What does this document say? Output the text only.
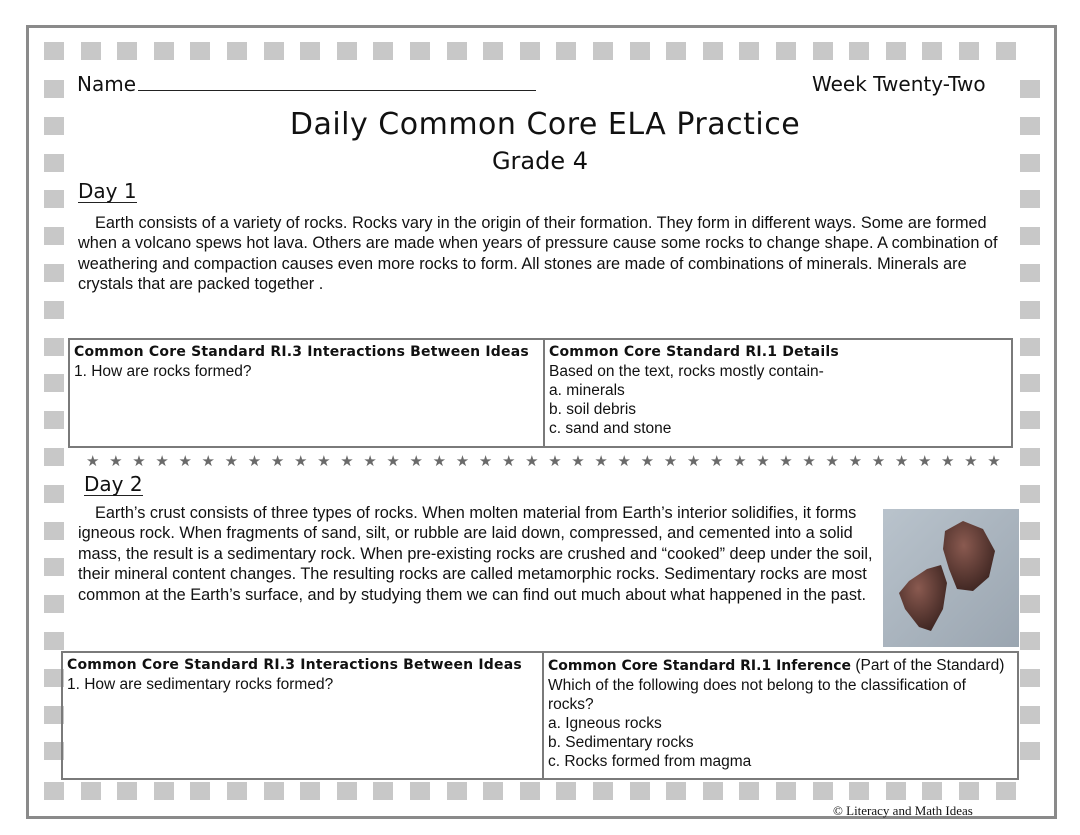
Name	Week Twenty-Two
Daily Common Core ELA Practice
Grade 4
Day 1
Earth consists of a variety of rocks. Rocks vary in the origin of their formation. They form in different ways. Some are formed when a volcano spews hot lava. Others are made when years of pressure cause some rocks to change shape. A combination of weathering and compaction causes even more rocks to form. All stones are made of combinations of minerals. Minerals are crystals that are packed together .
Common Core Standard RI.3 Interactions Between Ideas
1. How are rocks formed?
Common Core Standard RI.1 Details
Based on the text, rocks mostly contain-
a. minerals
b. soil debris
c. sand and stone
★ ★ ★ ★ ★ ★ ★ ★ ★ ★ ★ ★ ★ ★ ★ ★ ★ ★ ★ ★ ★ ★ ★ ★ ★ ★ ★ ★ ★ ★ ★ ★ ★ ★ ★ ★ ★ ★ ★ ★
Day 2
Earth’s crust consists of three types of rocks. When molten material from Earth’s interior solidifies, it forms igneous rock. When fragments of sand, silt, or rubble are laid down, compressed, and cemented into a solid mass, the result is a sedimentary rock. When pre-existing rocks are crushed and “cooked” deep under the soil, their mineral content changes. The resulting rocks are called metamorphic rocks. Sedimentary rocks are most common at the Earth’s surface, and by studying them we can find out much about what happened in the past.
Common Core Standard RI.3 Interactions Between Ideas
1. How are sedimentary rocks formed?
Common Core Standard RI.1 Inference (Part of the Standard)
Which of the following does not belong to the classification of rocks?
a. Igneous rocks
b. Sedimentary rocks
c. Rocks formed from magma
© Literacy and Math Ideas
